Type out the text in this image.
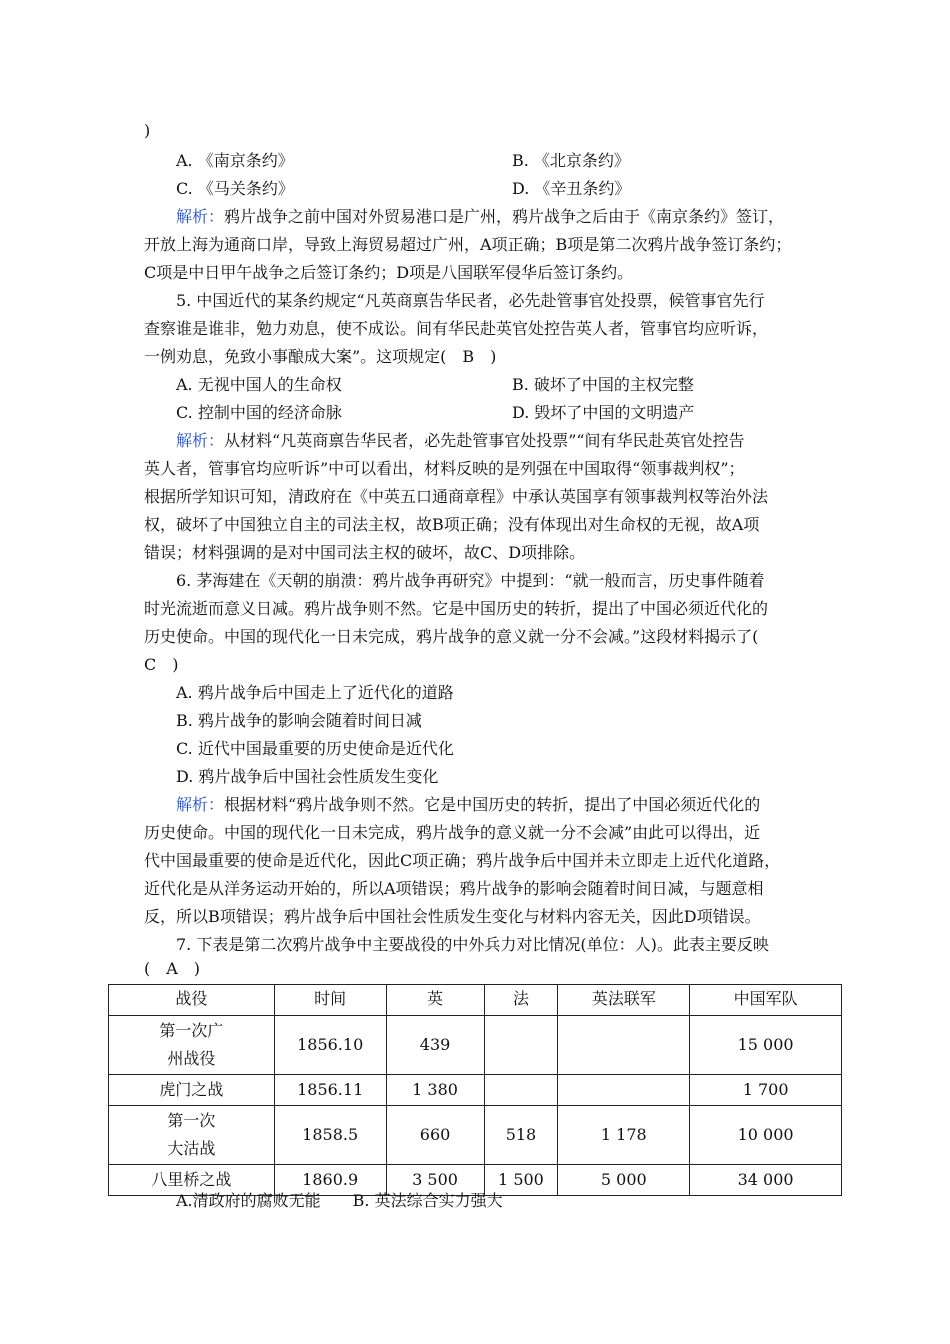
)
A. 《南京条约》	B. 《北京条约》
C. 《马关条约》	D. 《辛丑条约》
解析：鸦片战争之前中国对外贸易港口是广州，鸦片战争之后由于《南京条约》签订，
开放上海为通商口岸，导致上海贸易超过广州，A项正确；B项是第二次鸦片战争签订条约；
C项是中日甲午战争之后签订条约；D项是八国联军侵华后签订条约。
5. 中国近代的某条约规定“凡英商禀告华民者，必先赴管事官处投票，候管事官先行
查察谁是谁非，勉力劝息，使不成讼。间有华民赴英官处控告英人者，管事官均应听诉，
一例劝息，免致小事酿成大案”。这项规定(　B　)
A. 无视中国人的生命权	B. 破坏了中国的主权完整
C. 控制中国的经济命脉	D. 毁坏了中国的文明遗产
解析：从材料“凡英商禀告华民者，必先赴管事官处投票”“间有华民赴英官处控告
英人者，管事官均应听诉”中可以看出，材料反映的是列强在中国取得“领事裁判权”；
根据所学知识可知，清政府在《中英五口通商章程》中承认英国享有领事裁判权等治外法
权，破坏了中国独立自主的司法主权，故B项正确；没有体现出对生命权的无视，故A项
错误；材料强调的是对中国司法主权的破坏，故C、D项排除。
6. 茅海建在《天朝的崩溃：鸦片战争再研究》中提到：“就一般而言，历史事件随着
时光流逝而意义日减。鸦片战争则不然。它是中国历史的转折，提出了中国必须近代化的
历史使命。中国的现代化一日未完成，鸦片战争的意义就一分不会减。”这段材料揭示了(
C　)
A. 鸦片战争后中国走上了近代化的道路
B. 鸦片战争的影响会随着时间日减
C. 近代中国最重要的历史使命是近代化
D. 鸦片战争后中国社会性质发生变化
解析：根据材料“鸦片战争则不然。它是中国历史的转折，提出了中国必须近代化的
历史使命。中国的现代化一日未完成，鸦片战争的意义就一分不会减”由此可以得出，近
代中国最重要的使命是近代化，因此C项正确；鸦片战争后中国并未立即走上近代化道路，
近代化是从洋务运动开始的，所以A项错误；鸦片战争的影响会随着时间日减，与题意相
反，所以B项错误；鸦片战争后中国社会性质发生变化与材料内容无关，因此D项错误。
7. 下表是第二次鸦片战争中主要战役的中外兵力对比情况(单位：人)。此表主要反映
(　A　)
战役	时间	英	法	英法联军	中国军队

第一次广
州战役	1856.10	439			15 000
虎门之战	1856.11	1 380			1 700

第一次
大沽战	1858.5	660	518	1 178	10 000
八里桥之战	1860.9	3 500	1 500	5 000	34 000
A.清政府的腐败无能　　B. 英法综合实力强大
